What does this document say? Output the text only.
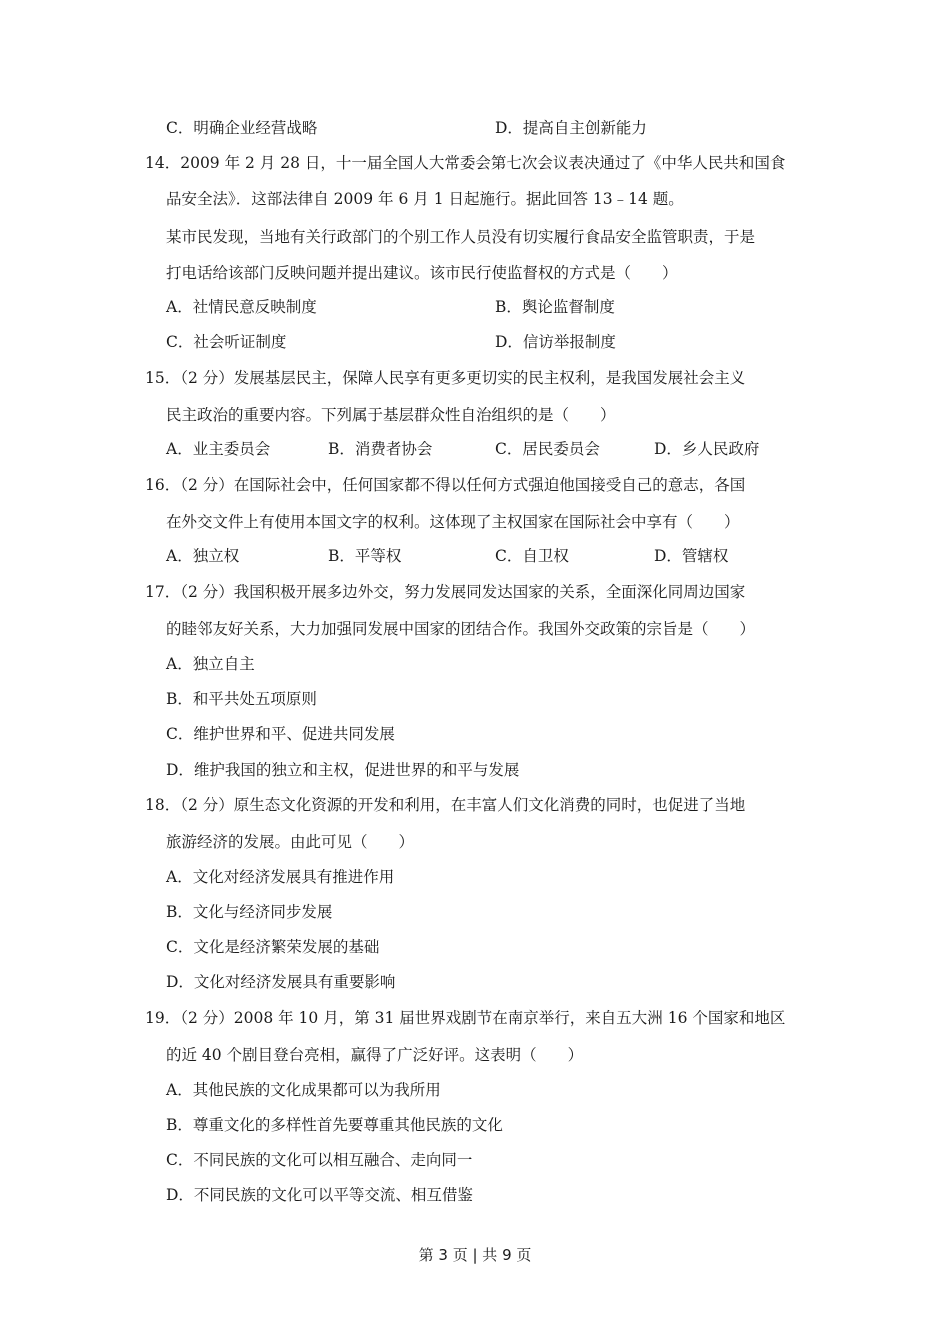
C．明确企业经营战略	D．提高自主创新能力
14．2009 年 2 月 28 日，十一届全国人大常委会第七次会议表决通过了《中华人民共和国食
品安全法》．这部法律自 2009 年 6 月 1 日起施行。据此回答 13﹣14 题。
某市民发现，当地有关行政部门的个别工作人员没有切实履行食品安全监管职责，于是
打电话给该部门反映问题并提出建议。该市民行使监督权的方式是（　　）
A．社情民意反映制度	B．舆论监督制度
C．社会听证制度	D．信访举报制度
15．（2 分）发展基层民主，保障人民享有更多更切实的民主权利，是我国发展社会主义
民主政治的重要内容。下列属于基层群众性自治组织的是（　　）
A．业主委员会	B．消费者协会	C．居民委员会	D．乡人民政府
16．（2 分）在国际社会中，任何国家都不得以任何方式强迫他国接受自己的意志，各国
在外交文件上有使用本国文字的权利。这体现了主权国家在国际社会中享有（　　）
A．独立权	B．平等权	C．自卫权	D．管辖权
17．（2 分）我国积极开展多边外交，努力发展同发达国家的关系，全面深化同周边国家
的睦邻友好关系，大力加强同发展中国家的团结合作。我国外交政策的宗旨是（　　）
A．独立自主
B．和平共处五项原则
C．维护世界和平、促进共同发展
D．维护我国的独立和主权，促进世界的和平与发展
18．（2 分）原生态文化资源的开发和利用，在丰富人们文化消费的同时，也促进了当地
旅游经济的发展。由此可见（　　）
A．文化对经济发展具有推进作用
B．文化与经济同步发展
C．文化是经济繁荣发展的基础
D．文化对经济发展具有重要影响
19．（2 分）2008 年 10 月，第 31 届世界戏剧节在南京举行，来自五大洲 16 个国家和地区
的近 40 个剧目登台亮相，赢得了广泛好评。这表明（　　）
A．其他民族的文化成果都可以为我所用
B．尊重文化的多样性首先要尊重其他民族的文化
C．不同民族的文化可以相互融合、走向同一
D．不同民族的文化可以平等交流、相互借鉴
第 3 页 | 共 9 页
